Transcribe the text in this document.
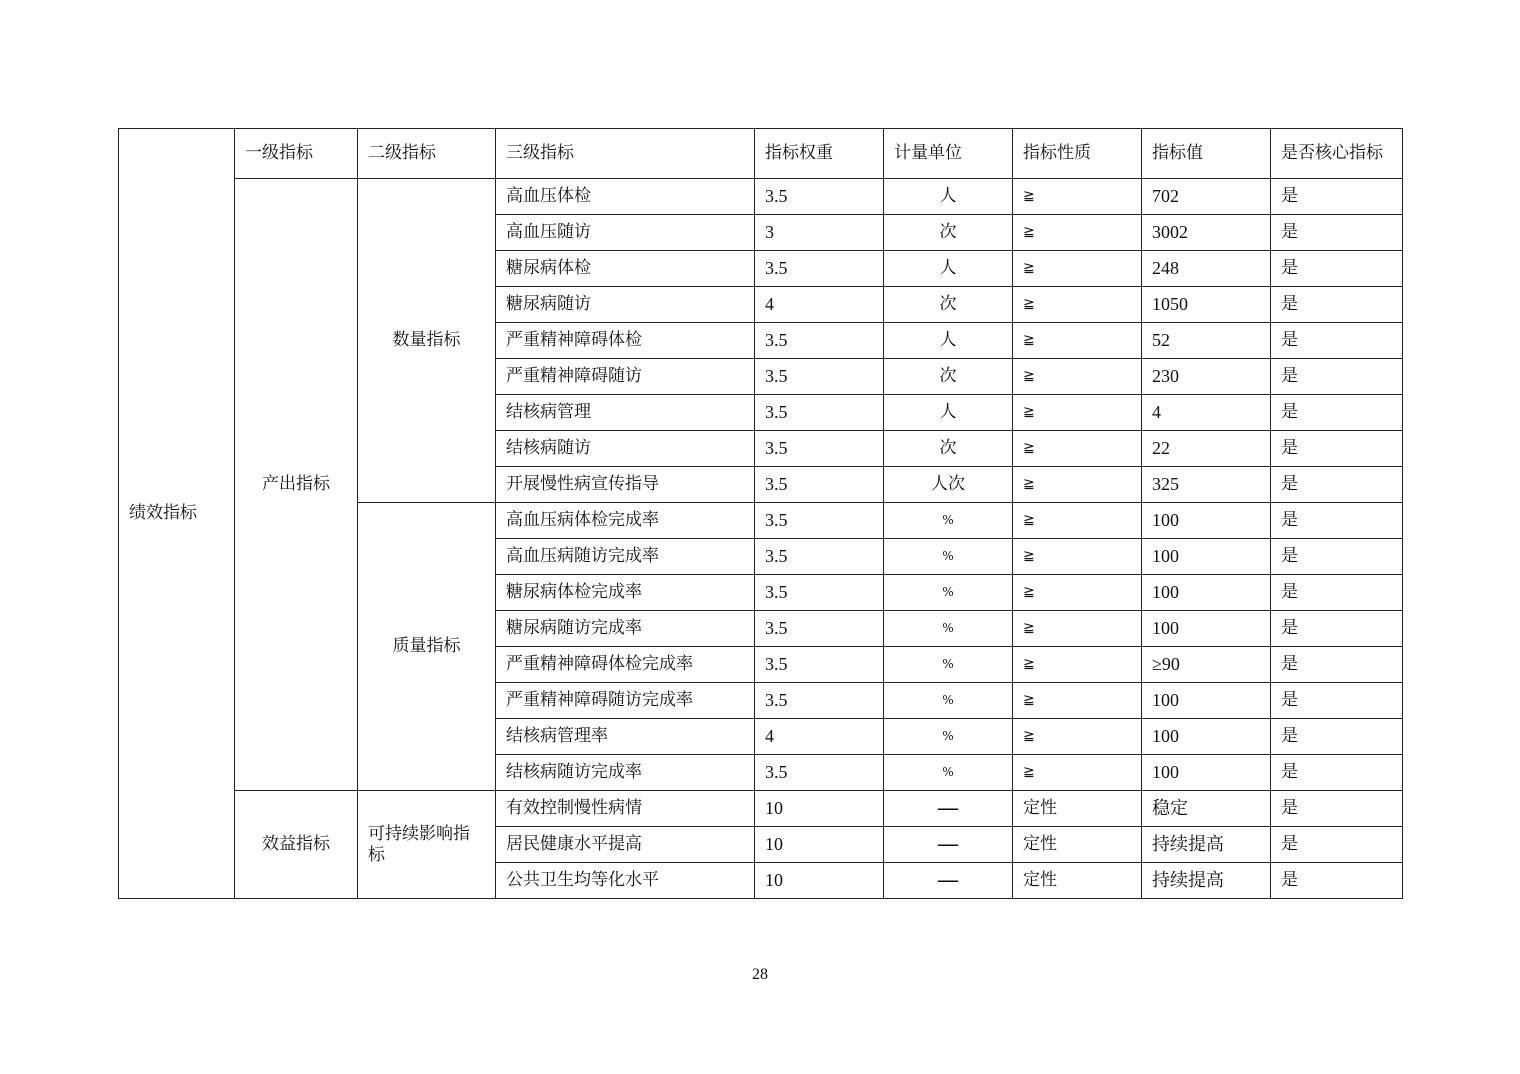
绩效指标	一级指标	二级指标	三级指标	指标权重	计量单位	指标性质	指标值	是否核心指标
	产出指标	数量指标	高血压体检	3.5	人	≧	702	是
			高血压随访	3	次	≧	3002	是
			糖尿病体检	3.5	人	≧	248	是
			糖尿病随访	4	次	≧	1050	是
			严重精神障碍体检	3.5	人	≧	52	是
			严重精神障碍随访	3.5	次	≧	230	是
			结核病管理	3.5	人	≧	4	是
			结核病随访	3.5	次	≧	22	是
			开展慢性病宣传指导	3.5	人次	≧	325	是
		质量指标	高血压病体检完成率	3.5	%	≧	100	是
			高血压病随访完成率	3.5	%	≧	100	是
			糖尿病体检完成率	3.5	%	≧	100	是
			糖尿病随访完成率	3.5	%	≧	100	是
			严重精神障碍体检完成率	3.5	%	≧	≥90	是
			严重精神障碍随访完成率	3.5	%	≧	100	是
			结核病管理率	4	%	≧	100	是
			结核病随访完成率	3.5	%	≧	100	是
	效益指标	可持续影响指标	有效控制慢性病情	10	—	定性	稳定	是
			居民健康水平提高	10	—	定性	持续提高	是
			公共卫生均等化水平	10	—	定性	持续提高	是
28
